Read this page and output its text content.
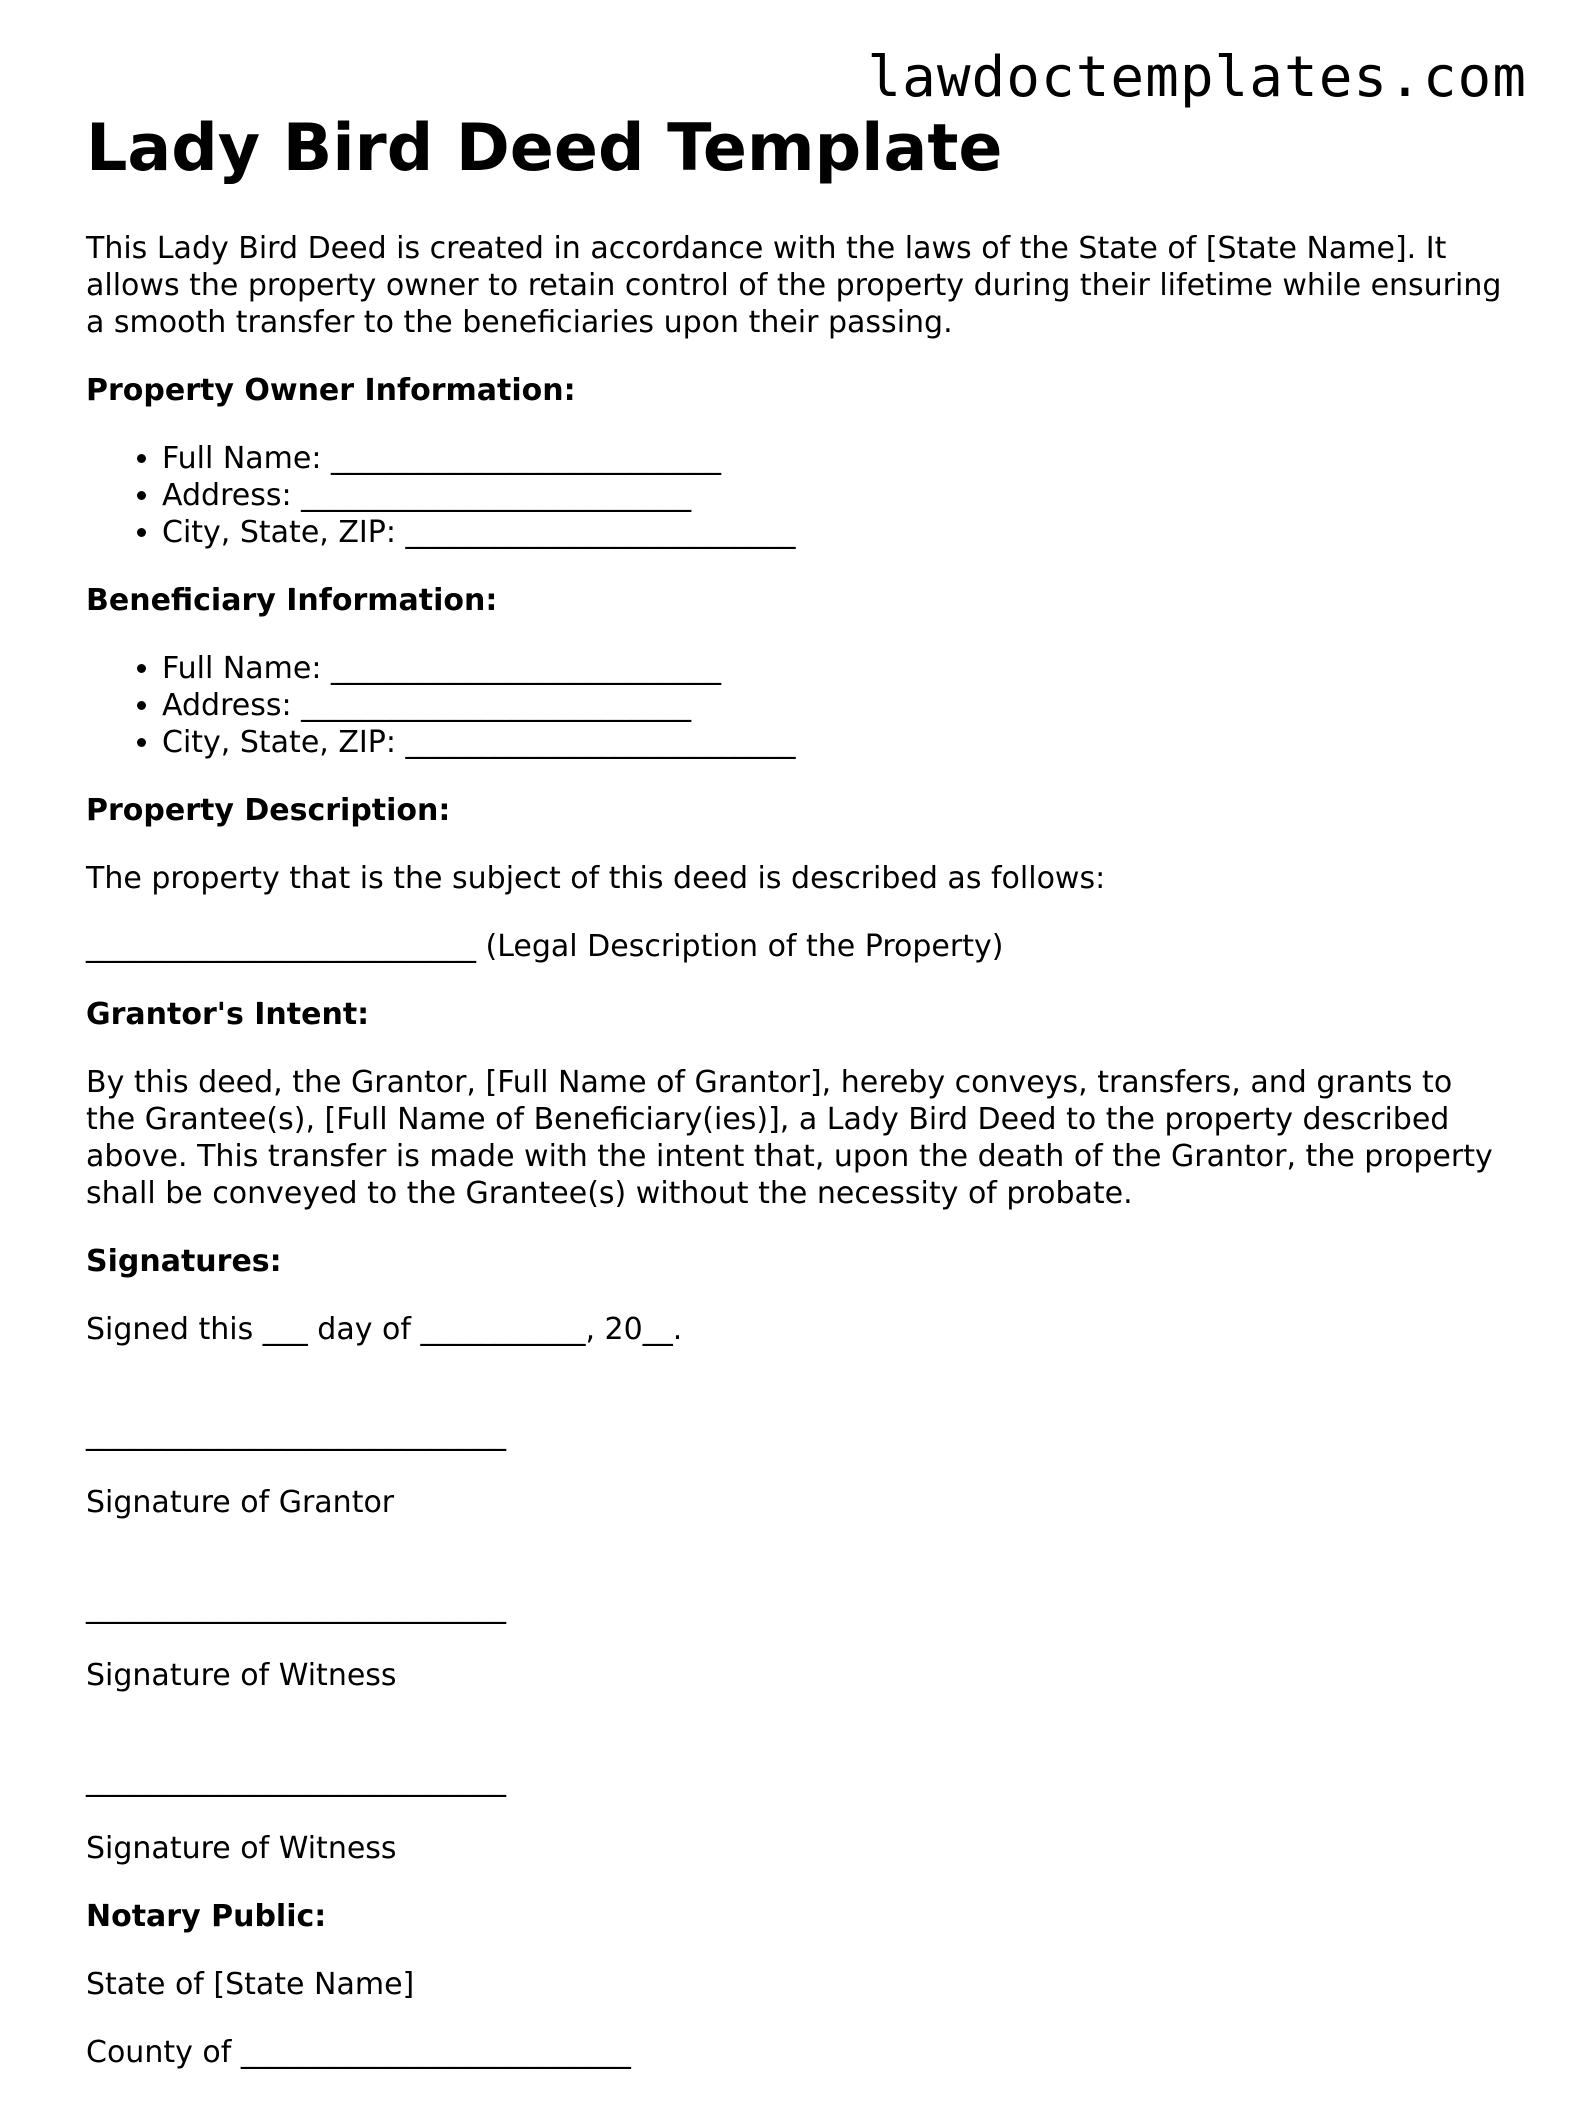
lawdoctemplates.com
Lady Bird Deed Template

This Lady Bird Deed is created in accordance with the laws of the State of [State Name]. It allows the property owner to retain control of the property during their lifetime while ensuring a smooth transfer to the beneficiaries upon their passing.

Property Owner Information:

• Full Name: __________________________
• Address: __________________________
• City, State, ZIP: __________________________

Beneficiary Information:

• Full Name: __________________________
• Address: __________________________
• City, State, ZIP: __________________________

Property Description:

The property that is the subject of this deed is described as follows:

__________________________ (Legal Description of the Property)

Grantor's Intent:

By this deed, the Grantor, [Full Name of Grantor], hereby conveys, transfers, and grants to the Grantee(s), [Full Name of Beneficiary(ies)], a Lady Bird Deed to the property described above. This transfer is made with the intent that, upon the death of the Grantor, the property shall be conveyed to the Grantee(s) without the necessity of probate.

Signatures:

Signed this ___ day of ___________, 20__.

____________________________

Signature of Grantor

____________________________

Signature of Witness

____________________________

Signature of Witness

Notary Public:

State of [State Name]

County of __________________________
